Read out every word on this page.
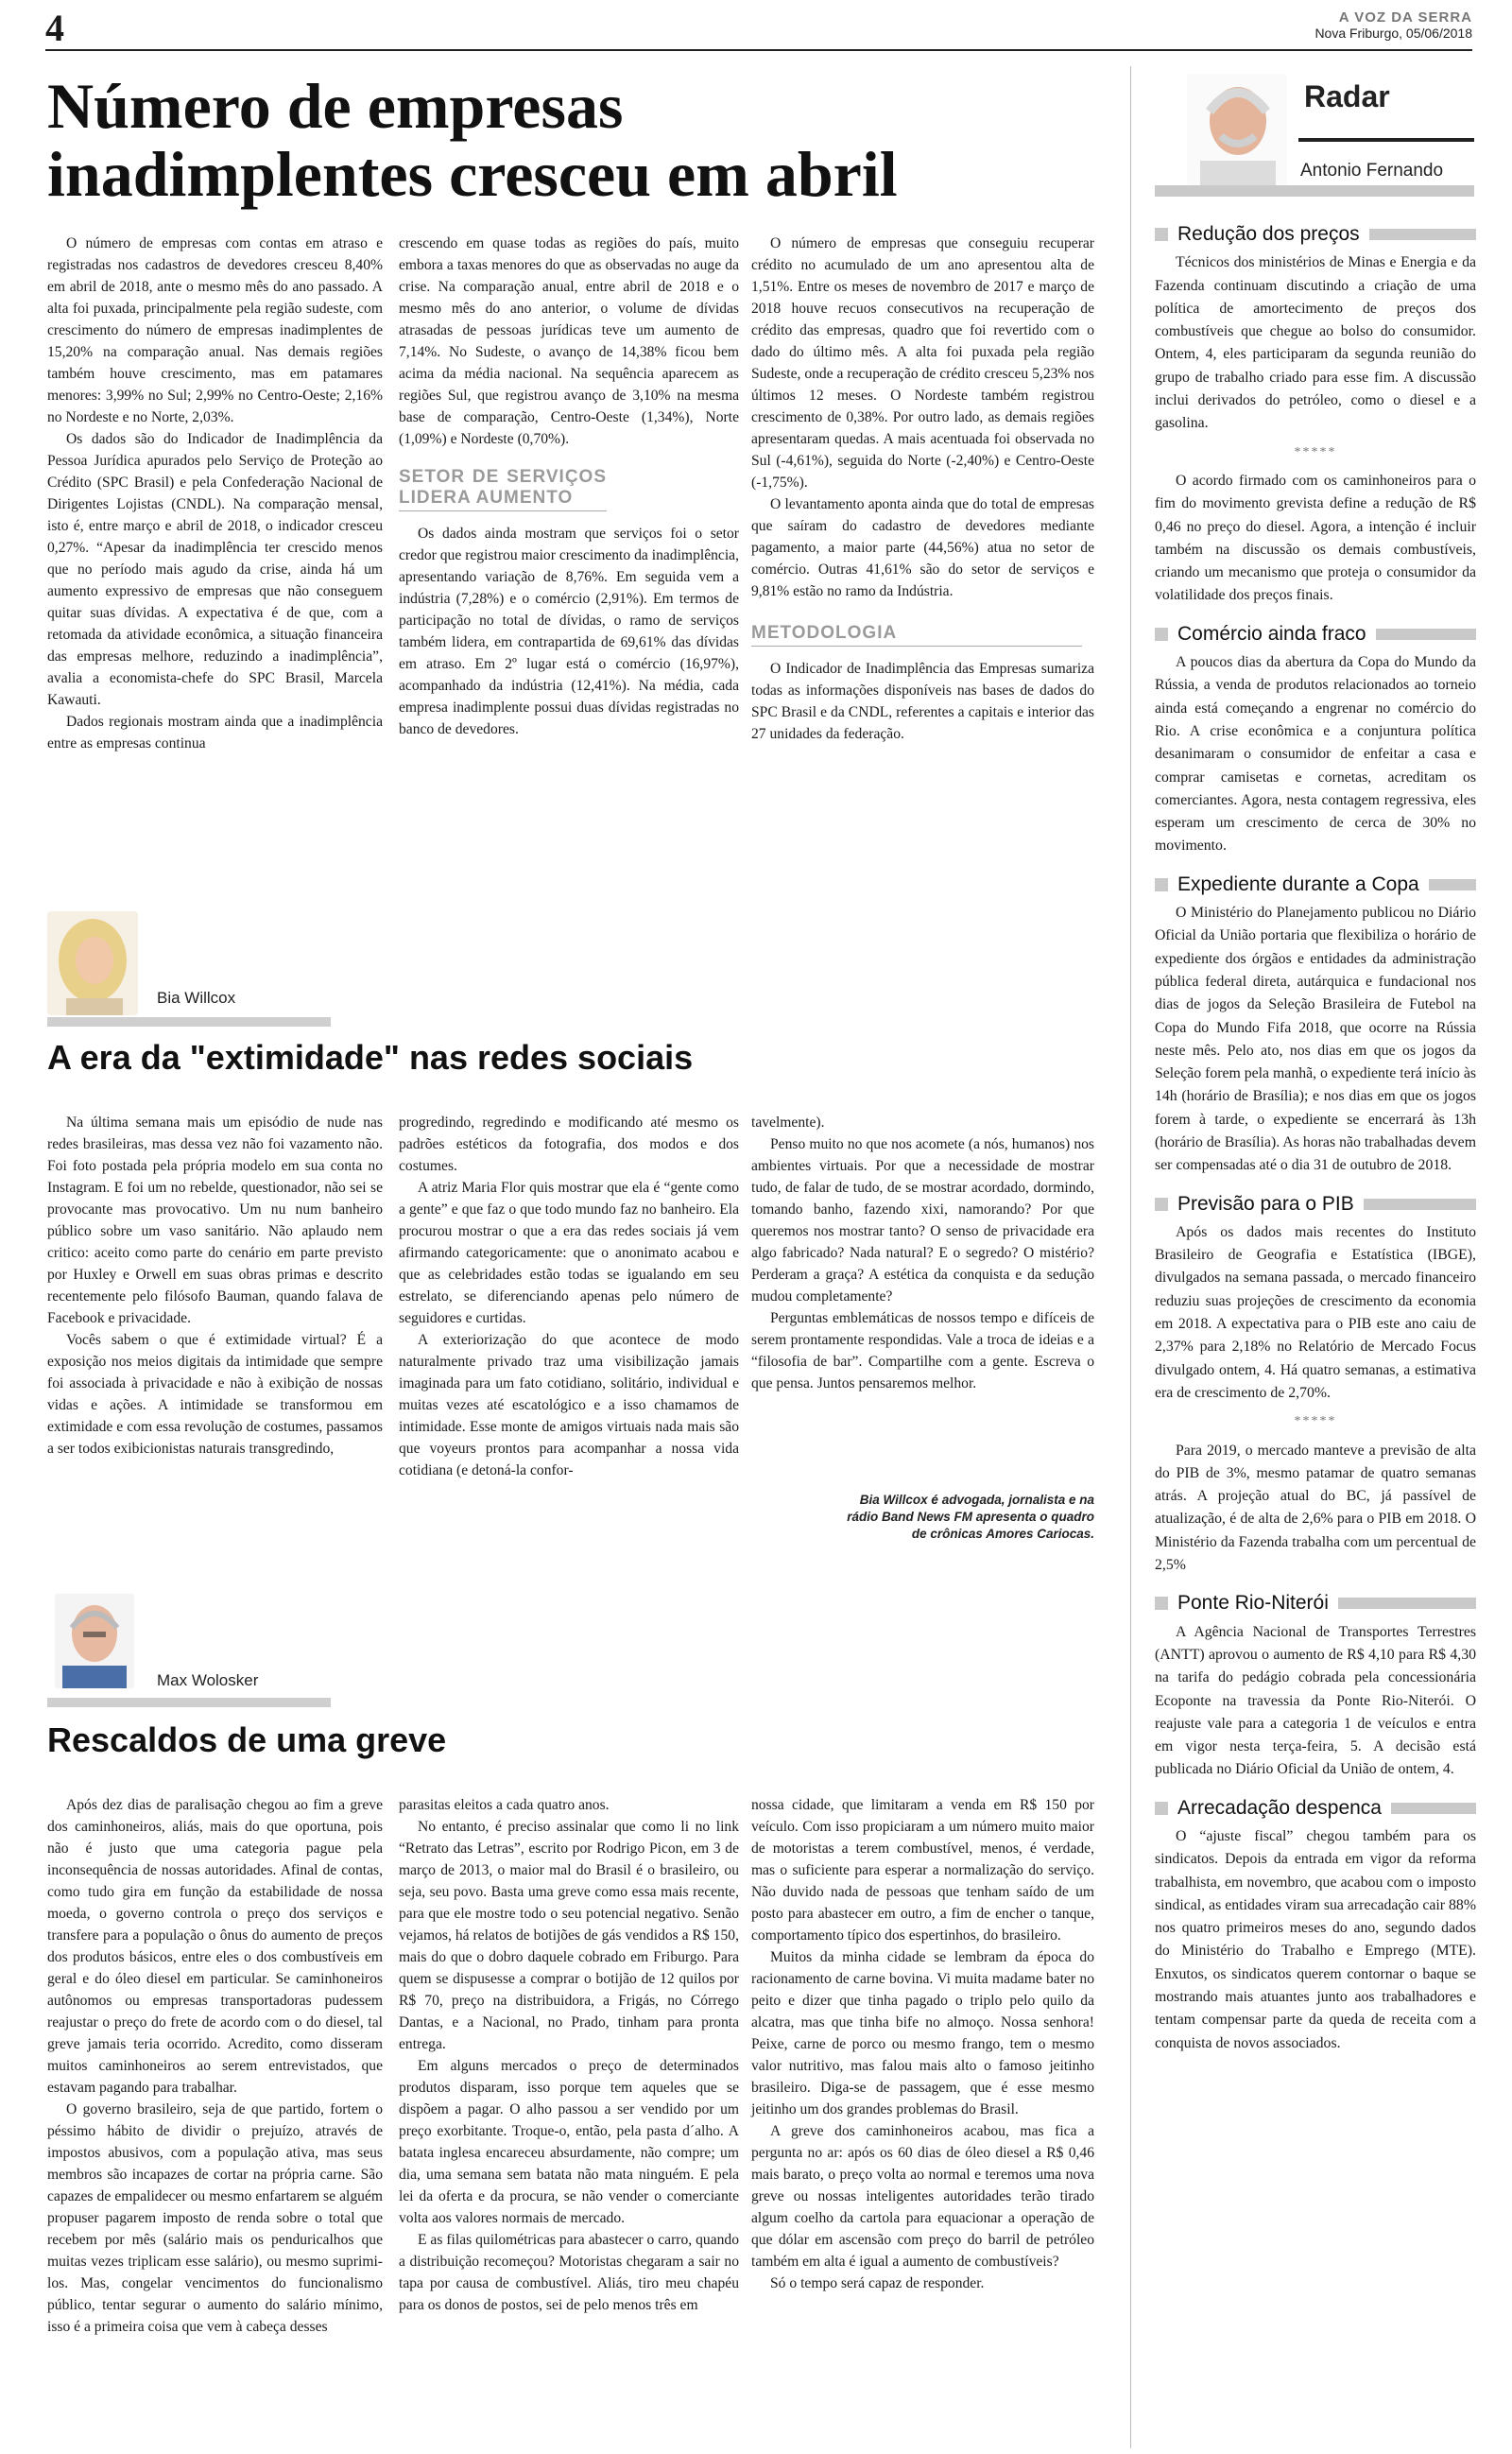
4	A VOZ DA SERRA
Nova Friburgo, 05/06/2018
Número de empresas
inadimplentes cresceu em abril

O número de empresas com contas em atraso e registradas nos cadastros de devedores cresceu 8,40% em abril de 2018, ante o mesmo mês do ano passado. A alta foi puxada, principalmente pela região sudeste, com crescimento do número de empresas inadimplentes de 15,20% na comparação anual. Nas demais regiões também houve crescimento, mas em patamares menores: 3,99% no Sul; 2,99% no Centro-Oeste; 2,16% no Nordeste e no Norte, 2,03%.

Os dados são do Indicador de Inadimplência da Pessoa Jurídica apurados pelo Serviço de Proteção ao Crédito (SPC Brasil) e pela Confederação Nacional de Dirigentes Lojistas (CNDL). Na comparação mensal, isto é, entre março e abril de 2018, o indicador cresceu 0,27%. “Apesar da inadimplência ter crescido menos que no período mais agudo da crise, ainda há um aumento expressivo de empresas que não conseguem quitar suas dívidas. A expectativa é de que, com a retomada da atividade econômica, a situação financeira das empresas melhore, reduzindo a inadimplência”, avalia a economista-chefe do SPC Brasil, Marcela Kawauti.

Dados regionais mostram ainda que a inadimplência entre as empresas continua

crescendo em quase todas as regiões do país, muito embora a taxas menores do que as observadas no auge da crise. Na comparação anual, entre abril de 2018 e o mesmo mês do ano anterior, o volume de dívidas atrasadas de pessoas jurídicas teve um aumento de 7,14%. No Sudeste, o avanço de 14,38% ficou bem acima da média nacional. Na sequência aparecem as regiões Sul, que registrou avanço de 3,10% na mesma base de comparação, Centro-Oeste (1,34%), Norte (1,09%) e Nordeste (0,70%).

SETOR DE SERVIÇOS LIDERA AUMENTO

Os dados ainda mostram que serviços foi o setor credor que registrou maior crescimento da inadimplência, apresentando variação de 8,76%. Em seguida vem a indústria (7,28%) e o comércio (2,91%). Em termos de participação no total de dívidas, o ramo de serviços também lidera, em contrapartida de 69,61% das dívidas em atraso. Em 2º lugar está o comércio (16,97%), acompanhado da indústria (12,41%). Na média, cada empresa inadimplente possui duas dívidas registradas no banco de devedores.

O número de empresas que conseguiu recuperar crédito no acumulado de um ano apresentou alta de 1,51%. Entre os meses de novembro de 2017 e março de 2018 houve recuos consecutivos na recuperação de crédito das empresas, quadro que foi revertido com o dado do último mês. A alta foi puxada pela região Sudeste, onde a recuperação de crédito cresceu 5,23% nos últimos 12 meses. O Nordeste também registrou crescimento de 0,38%. Por outro lado, as demais regiões apresentaram quedas. A mais acentuada foi observada no Sul (-4,61%), seguida do Norte (-2,40%) e Centro-Oeste (-1,75%).

O levantamento aponta ainda que do total de empresas que saíram do cadastro de devedores mediante pagamento, a maior parte (44,56%) atua no setor de comércio. Outras 41,61% são do setor de serviços e 9,81% estão no ramo da Indústria.

METODOLOGIA

O Indicador de Inadimplência das Empresas sumariza todas as informações disponíveis nas bases de dados do SPC Brasil e da CNDL, referentes a capitais e interior das 27 unidades da federação.

Bia Willcox
A era da "extimidade" nas redes sociais

Na última semana mais um episódio de nude nas redes brasileiras, mas dessa vez não foi vazamento não. Foi foto postada pela própria modelo em sua conta no Instagram. E foi um no rebelde, questionador, não sei se provocante mas provocativo. Um nu num banheiro público sobre um vaso sanitário. Não aplaudo nem critico: aceito como parte do cenário em parte previsto por Huxley e Orwell em suas obras primas e descrito recentemente pelo filósofo Bauman, quando falava de Facebook e privacidade.

Vocês sabem o que é extimidade virtual? É a exposição nos meios digitais da intimidade que sempre foi associada à privacidade e não à exibição de nossas vidas e ações. A intimidade se transformou em extimidade e com essa revolução de costumes, passamos a ser todos exibicionistas naturais transgredindo,

progredindo, regredindo e modificando até mesmo os padrões estéticos da fotografia, dos modos e dos costumes.

A atriz Maria Flor quis mostrar que ela é “gente como a gente” e que faz o que todo mundo faz no banheiro. Ela procurou mostrar o que a era das redes sociais já vem afirmando categoricamente: que o anonimato acabou e que as celebridades estão todas se igualando em seu estrelato, se diferenciando apenas pelo número de seguidores e curtidas.

A exteriorização do que acontece de modo naturalmente privado traz uma visibilização jamais imaginada para um fato cotidiano, solitário, individual e muitas vezes até escatológico e a isso chamamos de intimidade. Esse monte de amigos virtuais nada mais são que voyeurs prontos para acompanhar a nossa vida cotidiana (e detoná-la confor-

tavelmente).

Penso muito no que nos acomete (a nós, humanos) nos ambientes virtuais. Por que a necessidade de mostrar tudo, de falar de tudo, de se mostrar acordado, dormindo, tomando banho, fazendo xixi, namorando? Por que queremos nos mostrar tanto? O senso de privacidade era algo fabricado? Nada natural? E o segredo? O mistério? Perderam a graça? A estética da conquista e da sedução mudou completamente?

Perguntas emblemáticas de nossos tempo e difíceis de serem prontamente respondidas. Vale a troca de ideias e a “filosofia de bar”. Compartilhe com a gente. Escreva o que pensa. Juntos pensaremos melhor.

Bia Willcox é advogada, jornalista e na
rádio Band News FM apresenta o quadro
de crônicas Amores Cariocas.
Max Wolosker
Rescaldos de uma greve

Após dez dias de paralisação chegou ao fim a greve dos caminhoneiros, aliás, mais do que oportuna, pois não é justo que uma categoria pague pela inconsequência de nossas autoridades. Afinal de contas, como tudo gira em função da estabilidade de nossa moeda, o governo controla o preço dos serviços e transfere para a população o ônus do aumento de preços dos produtos básicos, entre eles o dos combustíveis em geral e do óleo diesel em particular. Se caminhoneiros autônomos ou empresas transportadoras pudessem reajustar o preço do frete de acordo com o do diesel, tal greve jamais teria ocorrido. Acredito, como disseram muitos caminhoneiros ao serem entrevistados, que estavam pagando para trabalhar.

O governo brasileiro, seja de que partido, fortem o péssimo hábito de dividir o prejuízo, através de impostos abusivos, com a população ativa, mas seus membros são incapazes de cortar na própria carne. São capazes de empalidecer ou mesmo enfartarem se alguém propuser pagarem imposto de renda sobre o total que recebem por mês (salário mais os penduricalhos que muitas vezes triplicam esse salário), ou mesmo suprimi-los. Mas, congelar vencimentos do funcionalismo público, tentar segurar o aumento do salário mínimo, isso é a primeira coisa que vem à cabeça desses

parasitas eleitos a cada quatro anos.

No entanto, é preciso assinalar que como li no link “Retrato das Letras”, escrito por Rodrigo Picon, em 3 de março de 2013, o maior mal do Brasil é o brasileiro, ou seja, seu povo. Basta uma greve como essa mais recente, para que ele mostre todo o seu potencial negativo. Senão vejamos, há relatos de botijões de gás vendidos a R$ 150, mais do que o dobro daquele cobrado em Friburgo. Para quem se dispusesse a comprar o botijão de 12 quilos por R$ 70, preço na distribuidora, a Frigás, no Córrego Dantas, e a Nacional, no Prado, tinham para pronta entrega.

Em alguns mercados o preço de determinados produtos disparam, isso porque tem aqueles que se dispõem a pagar. O alho passou a ser vendido por um preço exorbitante. Troque-o, então, pela pasta d´alho. A batata inglesa encareceu absurdamente, não compre; um dia, uma semana sem batata não mata ninguém. E pela lei da oferta e da procura, se não vender o comerciante volta aos valores normais de mercado.

E as filas quilométricas para abastecer o carro, quando a distribuição recomeçou? Motoristas chegaram a sair no tapa por causa de combustível. Aliás, tiro meu chapéu para os donos de postos, sei de pelo menos três em

nossa cidade, que limitaram a venda em R$ 150 por veículo. Com isso propiciaram a um número muito maior de motoristas a terem combustível, menos, é verdade, mas o suficiente para esperar a normalização do serviço. Não duvido nada de pessoas que tenham saído de um posto para abastecer em outro, a fim de encher o tanque, comportamento típico dos espertinhos, do brasileiro.

Muitos da minha cidade se lembram da época do racionamento de carne bovina. Vi muita madame bater no peito e dizer que tinha pagado o triplo pelo quilo da alcatra, mas que tinha bife no almoço. Nossa senhora! Peixe, carne de porco ou mesmo frango, tem o mesmo valor nutritivo, mas falou mais alto o famoso jeitinho brasileiro. Diga-se de passagem, que é esse mesmo jeitinho um dos grandes problemas do Brasil.

A greve dos caminhoneiros acabou, mas fica a pergunta no ar: após os 60 dias de óleo diesel a R$ 0,46 mais barato, o preço volta ao normal e teremos uma nova greve ou nossas inteligentes autoridades terão tirado algum coelho da cartola para equacionar a operação de que dólar em ascensão com preço do barril de petróleo também em alta é igual a aumento de combustíveis?

Só o tempo será capaz de responder.

Radar
Antonio Fernando
Redução dos preços

Técnicos dos ministérios de Minas e Energia e da Fazenda continuam discutindo a criação de uma política de amortecimento de preços dos combustíveis que chegue ao bolso do consumidor. Ontem, 4, eles participaram da segunda reunião do grupo de trabalho criado para esse fim. A discussão inclui derivados do petróleo, como o diesel e a gasolina.

*****

O acordo firmado com os caminhoneiros para o fim do movimento grevista define a redução de R$ 0,46 no preço do diesel. Agora, a intenção é incluir também na discussão os demais combustíveis, criando um mecanismo que proteja o consumidor da volatilidade dos preços finais.

Comércio ainda fraco

A poucos dias da abertura da Copa do Mundo da Rússia, a venda de produtos relacionados ao torneio ainda está começando a engrenar no comércio do Rio. A crise econômica e a conjuntura política desanimaram o consumidor de enfeitar a casa e comprar camisetas e cornetas, acreditam os comerciantes. Agora, nesta contagem regressiva, eles esperam um crescimento de cerca de 30% no movimento.

Expediente durante a Copa

O Ministério do Planejamento publicou no Diário Oficial da União portaria que flexibiliza o horário de expediente dos órgãos e entidades da administração pública federal direta, autárquica e fundacional nos dias de jogos da Seleção Brasileira de Futebol na Copa do Mundo Fifa 2018, que ocorre na Rússia neste mês. Pelo ato, nos dias em que os jogos da Seleção forem pela manhã, o expediente terá início às 14h (horário de Brasília); e nos dias em que os jogos forem à tarde, o expediente se encerrará às 13h (horário de Brasília). As horas não trabalhadas devem ser compensadas até o dia 31 de outubro de 2018.

Previsão para o PIB

Após os dados mais recentes do Instituto Brasileiro de Geografia e Estatística (IBGE), divulgados na semana passada, o mercado financeiro reduziu suas projeções de crescimento da economia em 2018. A expectativa para o PIB este ano caiu de 2,37% para 2,18% no Relatório de Mercado Focus divulgado ontem, 4. Há quatro semanas, a estimativa era de crescimento de 2,70%.

*****

Para 2019, o mercado manteve a previsão de alta do PIB de 3%, mesmo patamar de quatro semanas atrás. A projeção atual do BC, já passível de atualização, é de alta de 2,6% para o PIB em 2018. O Ministério da Fazenda trabalha com um percentual de 2,5%

Ponte Rio-Niterói

A Agência Nacional de Transportes Terrestres (ANTT) aprovou o aumento de R$ 4,10 para R$ 4,30 na tarifa do pedágio cobrada pela concessionária Ecoponte na travessia da Ponte Rio-Niterói. O reajuste vale para a categoria 1 de veículos e entra em vigor nesta terça-feira, 5. A decisão está publicada no Diário Oficial da União de ontem, 4.

Arrecadação despenca

O “ajuste fiscal” chegou também para os sindicatos. Depois da entrada em vigor da reforma trabalhista, em novembro, que acabou com o imposto sindical, as entidades viram sua arrecadação cair 88% nos quatro primeiros meses do ano, segundo dados do Ministério do Trabalho e Emprego (MTE). Enxutos, os sindicatos querem contornar o baque se mostrando mais atuantes junto aos trabalhadores e tentam compensar parte da queda de receita com a conquista de novos associados.
